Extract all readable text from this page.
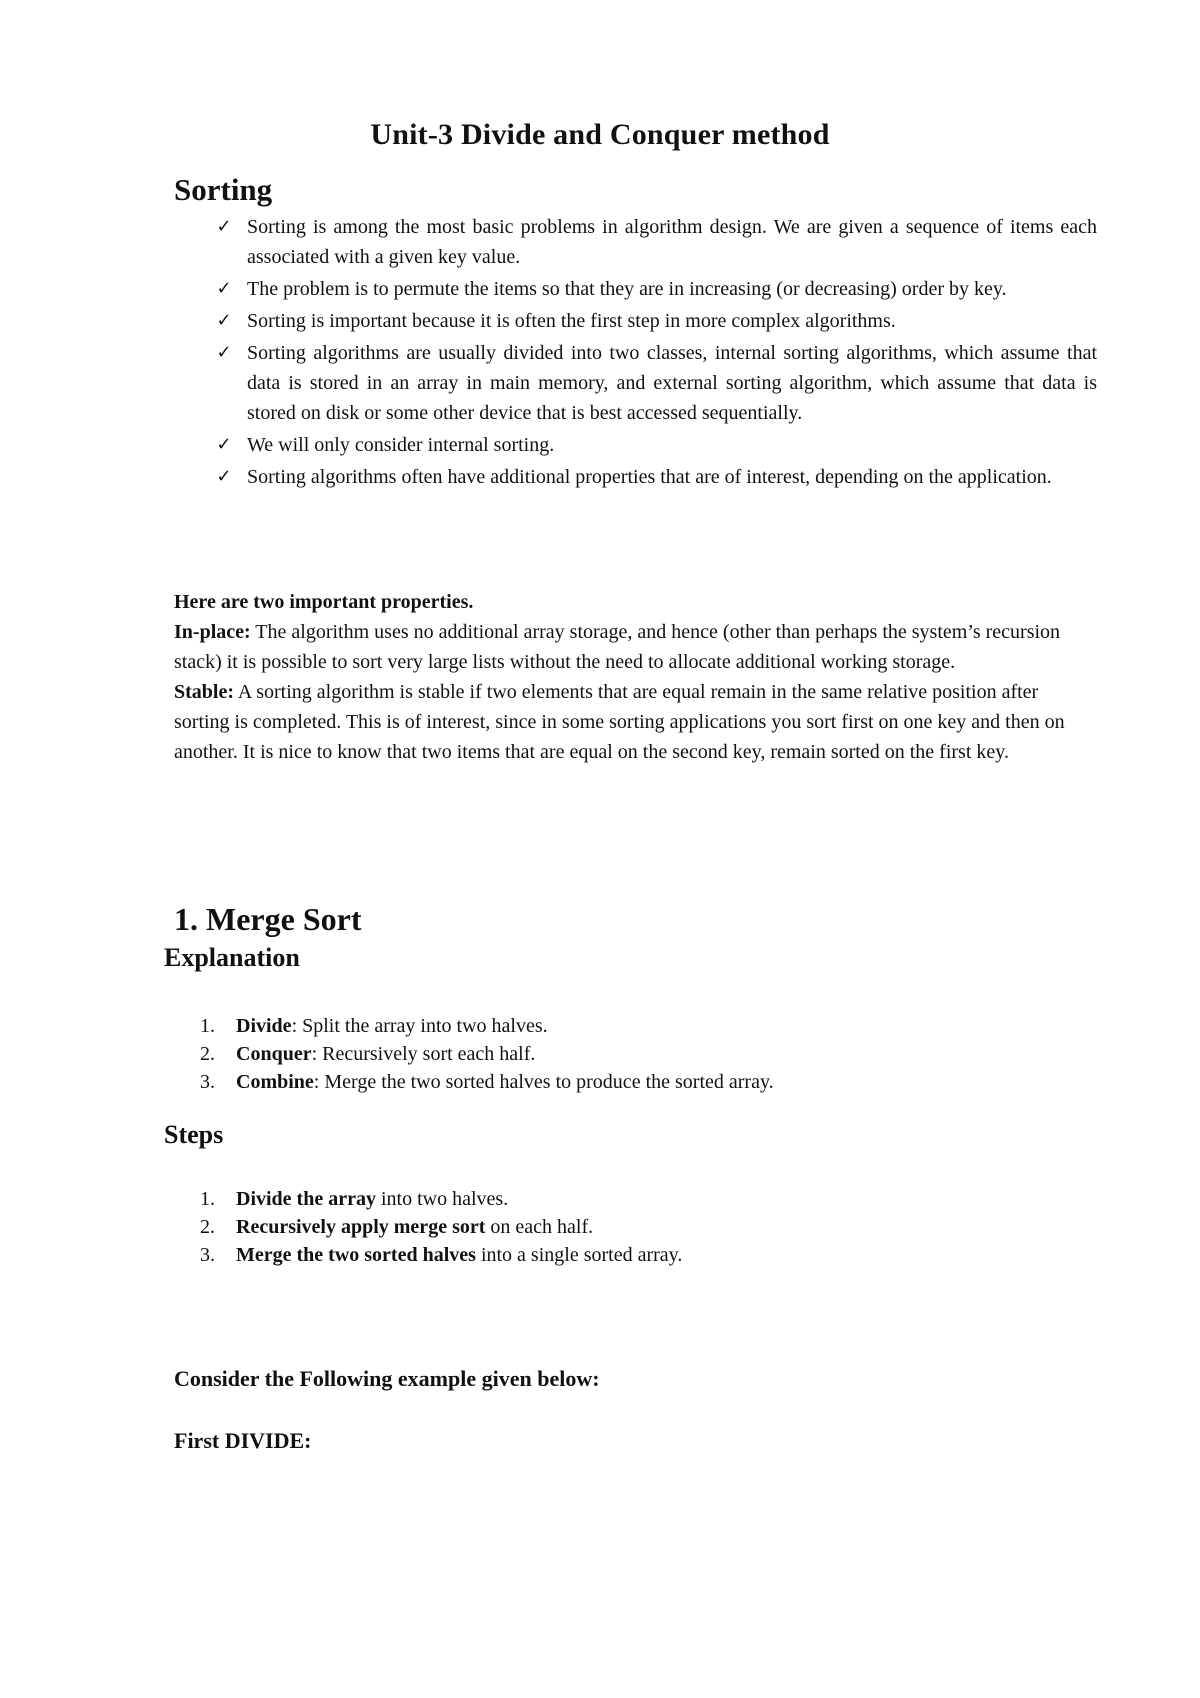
Unit-3 Divide and Conquer method
Sorting
✓ Sorting is among the most basic problems in algorithm design. We are given a sequence of items each associated with a given key value.
✓ The problem is to permute the items so that they are in increasing (or decreasing) order by key.
✓ Sorting is important because it is often the first step in more complex algorithms.
✓ Sorting algorithms are usually divided into two classes, internal sorting algorithms, which assume that data is stored in an array in main memory, and external sorting algorithm, which assume that data is stored on disk or some other device that is best accessed sequentially.
✓ We will only consider internal sorting.
✓ Sorting algorithms often have additional properties that are of interest, depending on the application.

Here are two important properties.

In-place: The algorithm uses no additional array storage, and hence (other than perhaps the system’s recursion stack) it is possible to sort very large lists without the need to allocate additional working storage.

Stable: A sorting algorithm is stable if two elements that are equal remain in the same relative position after sorting is completed. This is of interest, since in some sorting applications you sort first on one key and then on another. It is nice to know that two items that are equal on the second key, remain sorted on the first key.

1. Merge Sort
Explanation
1. Divide: Split the array into two halves.
2. Conquer: Recursively sort each half.
3. Combine: Merge the two sorted halves to produce the sorted array.
Steps
1. Divide the array into two halves.
2. Recursively apply merge sort on each half.
3. Merge the two sorted halves into a single sorted array.
Consider the Following example given below:
First DIVIDE:
